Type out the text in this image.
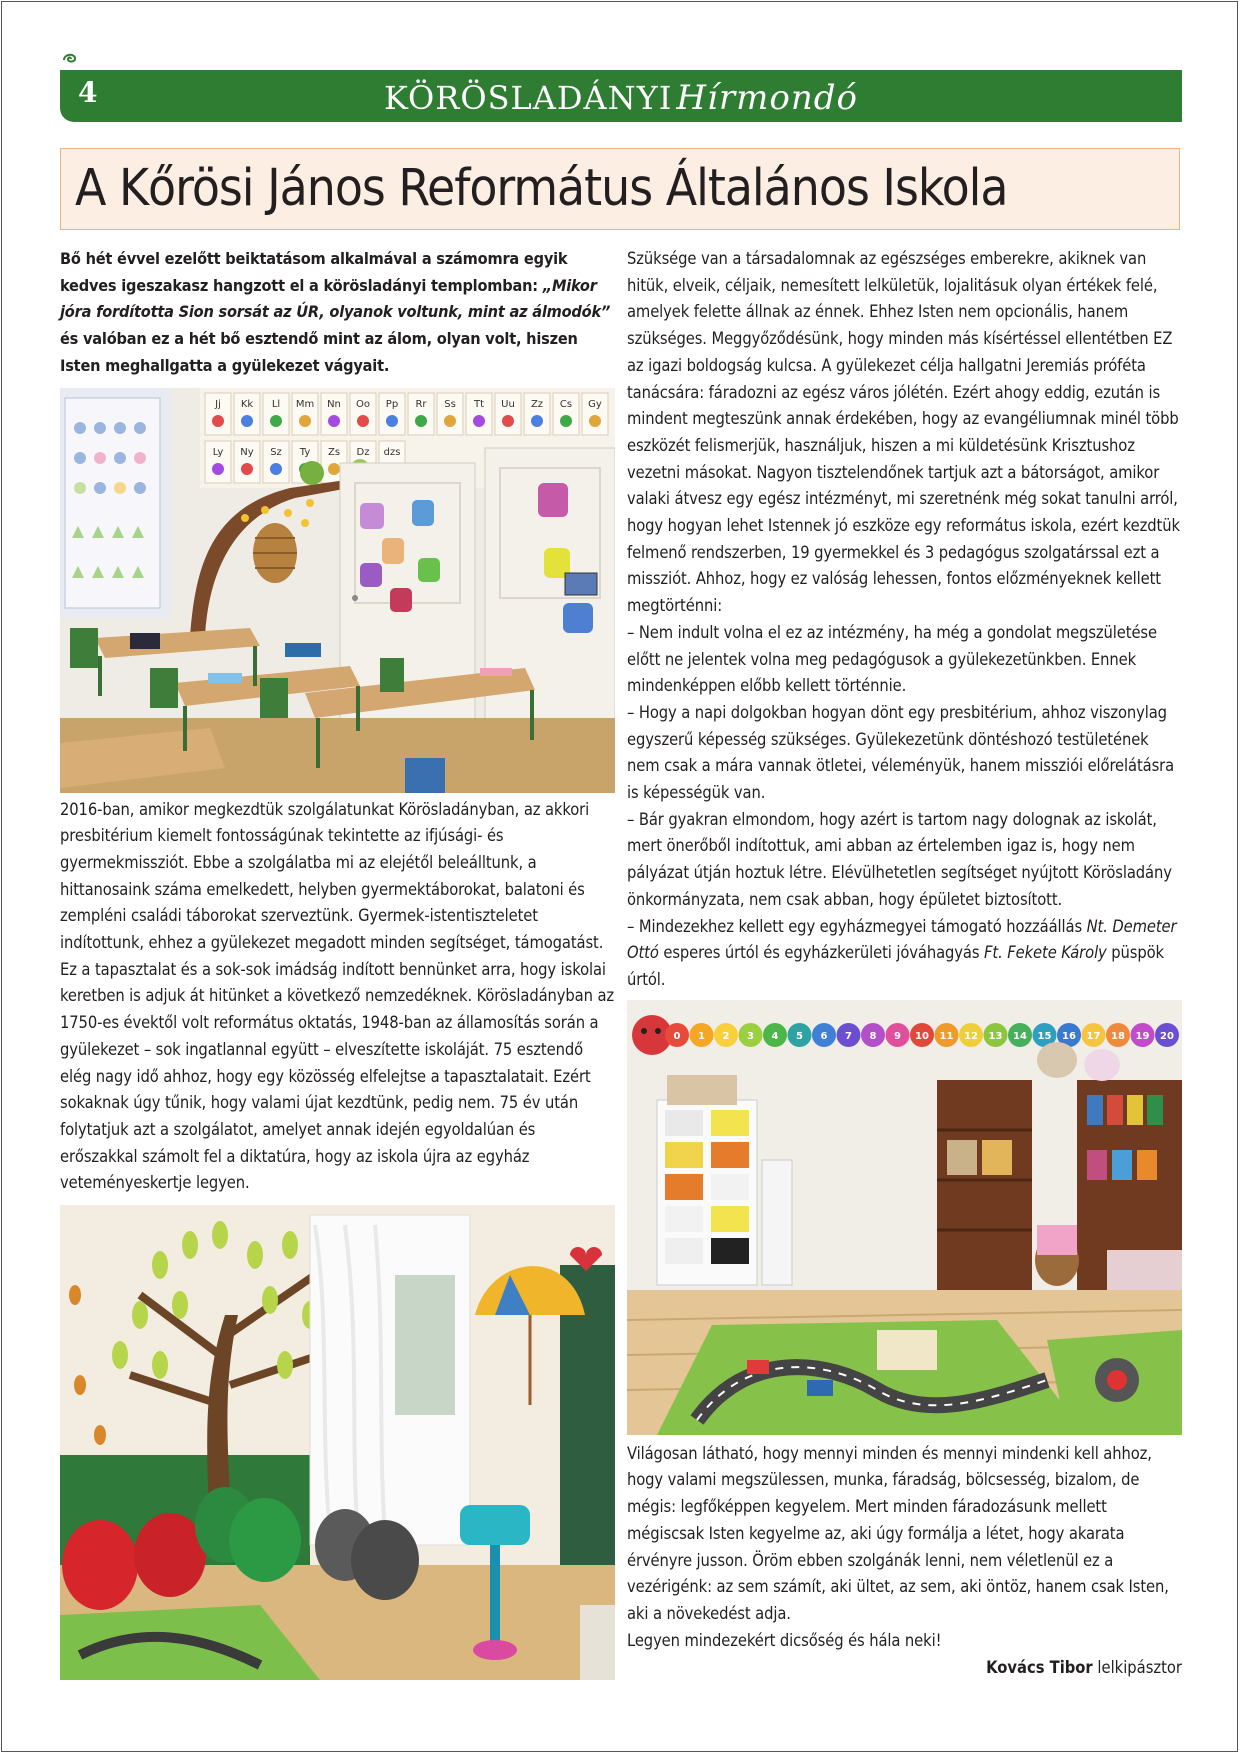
4	KÖRÖSLADÁNYI Hírmondó
A Kőrösi János Református Általános Iskola

Bő hét évvel ezelőtt beiktatásom alkalmával a számomra egyik kedves igeszakasz hangzott el a körösladányi templomban: „Mikor jóra fordította Sion sorsát az ÚR, olyanok voltunk, mint az álmodók” és valóban ez a hét bő esztendő mint az álom, olyan volt, hiszen Isten meghallgatta a gyülekezet vágyait.

Jj Kk Ll Mm Nn Oo Pp Rr Ss Tt Uu Zz Cs Gy
Ly Ny Sz Ty Zs Dz dzs

2016-ban, amikor megkezdtük szolgálatunkat Körösladányban, az akkori presbitérium kiemelt fontosságúnak tekintette az ifjúsági- és gyermekmissziót. Ebbe a szolgálatba mi az elejétől beleálltunk, a hittanosaink száma emelkedett, helyben gyermektáborokat, balatoni és zempléni családi táborokat szerveztünk. Gyermek-istentiszteletet indítottunk, ehhez a gyülekezet megadott minden segítséget, támogatást. Ez a tapasztalat és a sok-sok imádság indított bennünket arra, hogy iskolai keretben is adjuk át hitünket a következő nemzedéknek. Körösladányban az 1750-es évektől volt református oktatás, 1948-ban az államosítás során a gyülekezet – sok ingatlannal együtt – elveszítette iskoláját. 75 esztendő elég nagy idő ahhoz, hogy egy közösség elfelejtse a tapasztalatait. Ezért sokaknak úgy tűnik, hogy valami újat kezdtünk, pedig nem. 75 év után folytatjuk azt a szolgálatot, amelyet annak idején egyoldalúan és erőszakkal számolt fel a diktatúra, hogy az iskola újra az egyház veteményeskertje legyen.

Szüksége van a társadalomnak az egészséges emberekre, akiknek van hitük, elveik, céljaik, nemesített lelkületük, lojalitásuk olyan értékek felé, amelyek felette állnak az énnek. Ehhez Isten nem opcionális, hanem szükséges. Meggyőződésünk, hogy minden más kísértéssel ellentétben EZ az igazi boldogság kulcsa. A gyülekezet célja hallgatni Jeremiás próféta tanácsára: fáradozni az egész város jólétén. Ezért ahogy eddig, ezután is mindent megteszünk annak érdekében, hogy az evangéliumnak minél több eszközét felismerjük, használjuk, hiszen a mi küldetésünk Krisztushoz vezetni másokat. Nagyon tisztelendőnek tartjuk azt a bátorságot, amikor valaki átvesz egy egész intézményt, mi szeretnénk még sokat tanulni arról, hogy hogyan lehet Istennek jó eszköze egy református iskola, ezért kezdtük felmenő rendszerben, 19 gyermekkel és 3 pedagógus szolgatárssal ezt a missziót. Ahhoz, hogy ez valóság lehessen, fontos előzményeknek kellett megtörténni:

– Nem indult volna el ez az intézmény, ha még a gondolat megszületése előtt ne jelentek volna meg pedagógusok a gyülekezetünkben. Ennek mindenképpen előbb kellett történnie.

– Hogy a napi dolgokban hogyan dönt egy presbitérium, ahhoz viszonylag egyszerű képesség szükséges. Gyülekezetünk döntéshozó testületének nem csak a mára vannak ötletei, véleményük, hanem missziói előrelátásra is képességük van.

– Bár gyakran elmondom, hogy azért is tartom nagy dolognak az iskolát, mert önerőből indítottuk, ami abban az értelemben igaz is, hogy nem pályázat útján hoztuk létre. Elévülhetetlen segítséget nyújtott Körösladány önkormányzata, nem csak abban, hogy épületet biztosított.

– Mindezekhez kellett egy egyházmegyei támogató hozzáállás Nt. Demeter Ottó esperes úrtól és egyházkerületi jóváhagyás Ft. Fekete Károly püspök úrtól.

0 1 2 3 4 5 6 7 8 9 10 11 12 13 14 15 16 17 18 19 20

Világosan látható, hogy mennyi minden és mennyi mindenki kell ahhoz, hogy valami megszülessen, munka, fáradság, bölcsesség, bizalom, de mégis: legfőképpen kegyelem. Mert minden fáradozásunk mellett mégiscsak Isten kegyelme az, aki úgy formálja a létet, hogy akarata érvényre jusson. Öröm ebben szolgánák lenni, nem véletlenül ez a vezérigénk: az sem számít, aki ültet, az sem, aki öntöz, hanem csak Isten, aki a növekedést adja.

Legyen mindezekért dicsőség és hála neki!

Kovács Tibor lelkipásztor
